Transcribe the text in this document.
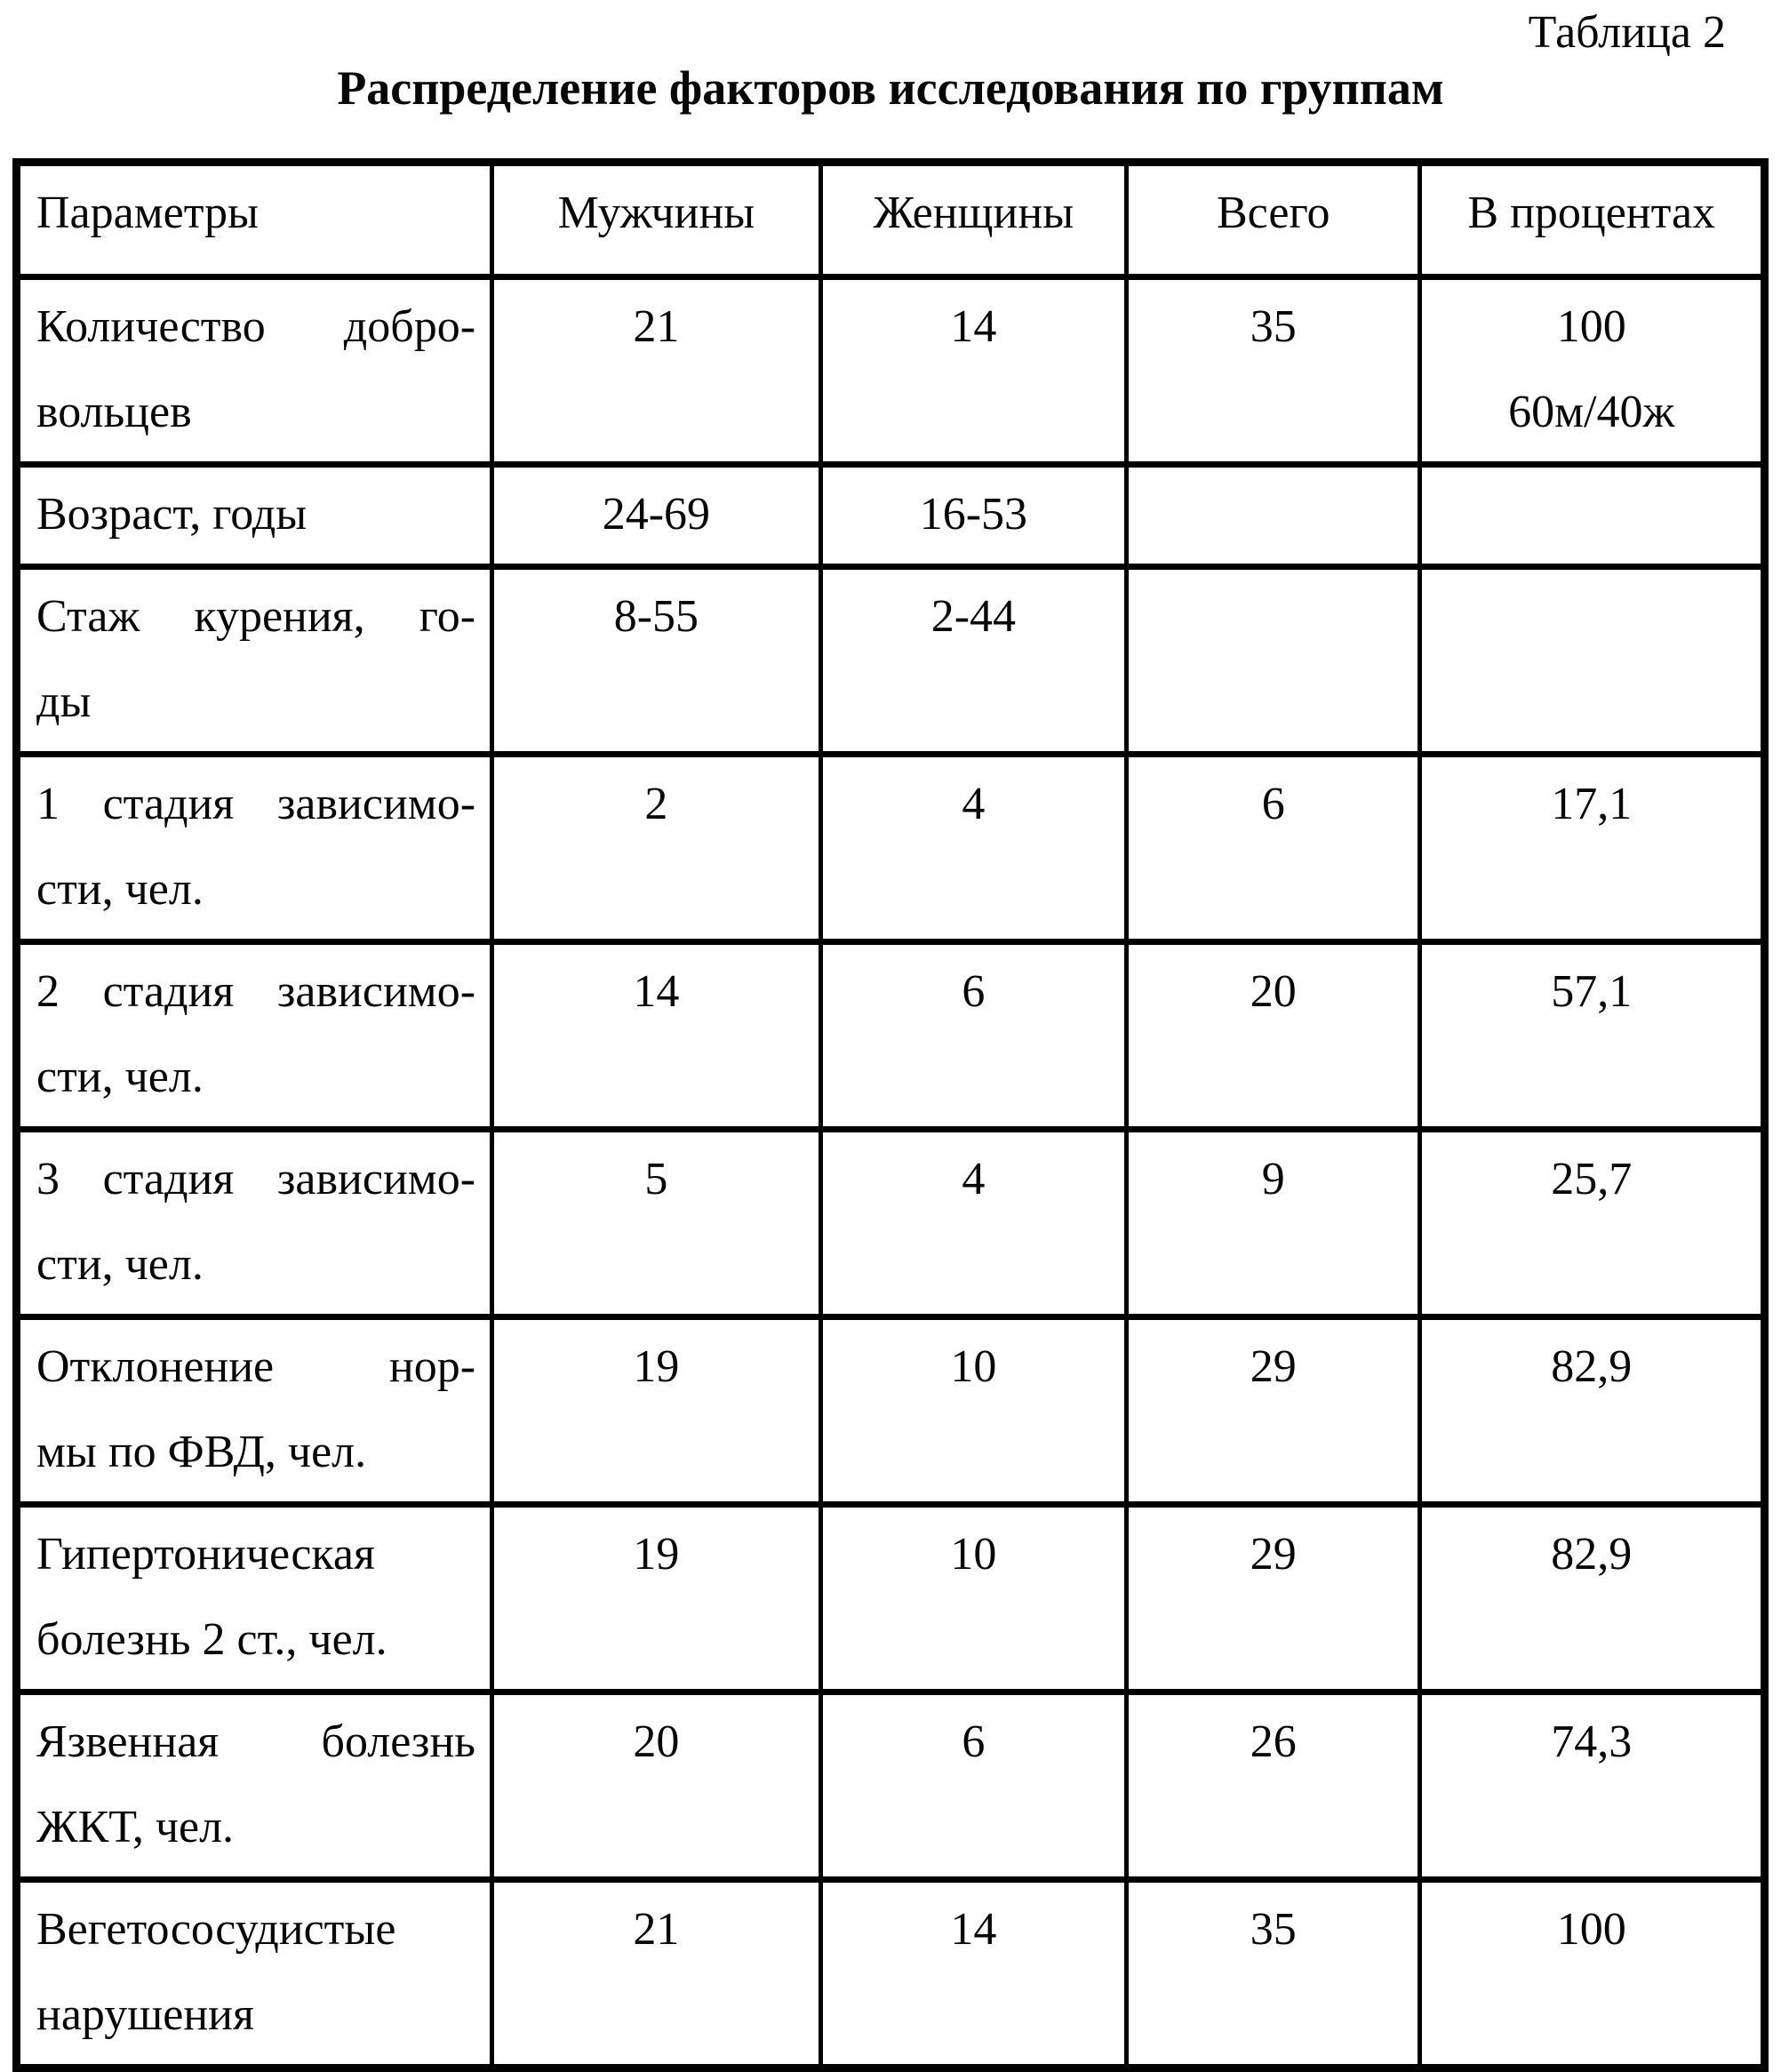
Таблица 2
Распределение факторов исследования по группам
Параметры	Мужчины	Женщины	Всего	В процентах

Количество добро-
вольцев
	21	14	35	100
60м/40ж

Возраст, годы	24-69	16-53		

Стаж курения, го-
ды	8-55	2-44		

1 стадия зависимо-
сти, чел.	2	4	6	17,1

2 стадия зависимо-
сти, чел.	14	6	20	57,1

3 стадия зависимо-
сти, чел.	5	4	9	25,7

Отклонение нор-
мы по ФВД, чел.	19	10	29	82,9

Гипертоническая
болезнь 2 ст., чел.	19	10	29	82,9

Язвенная болезнь
ЖКТ, чел.	20	6	26	74,3

Вегетососудистые
нарушения	21	14	35	100
